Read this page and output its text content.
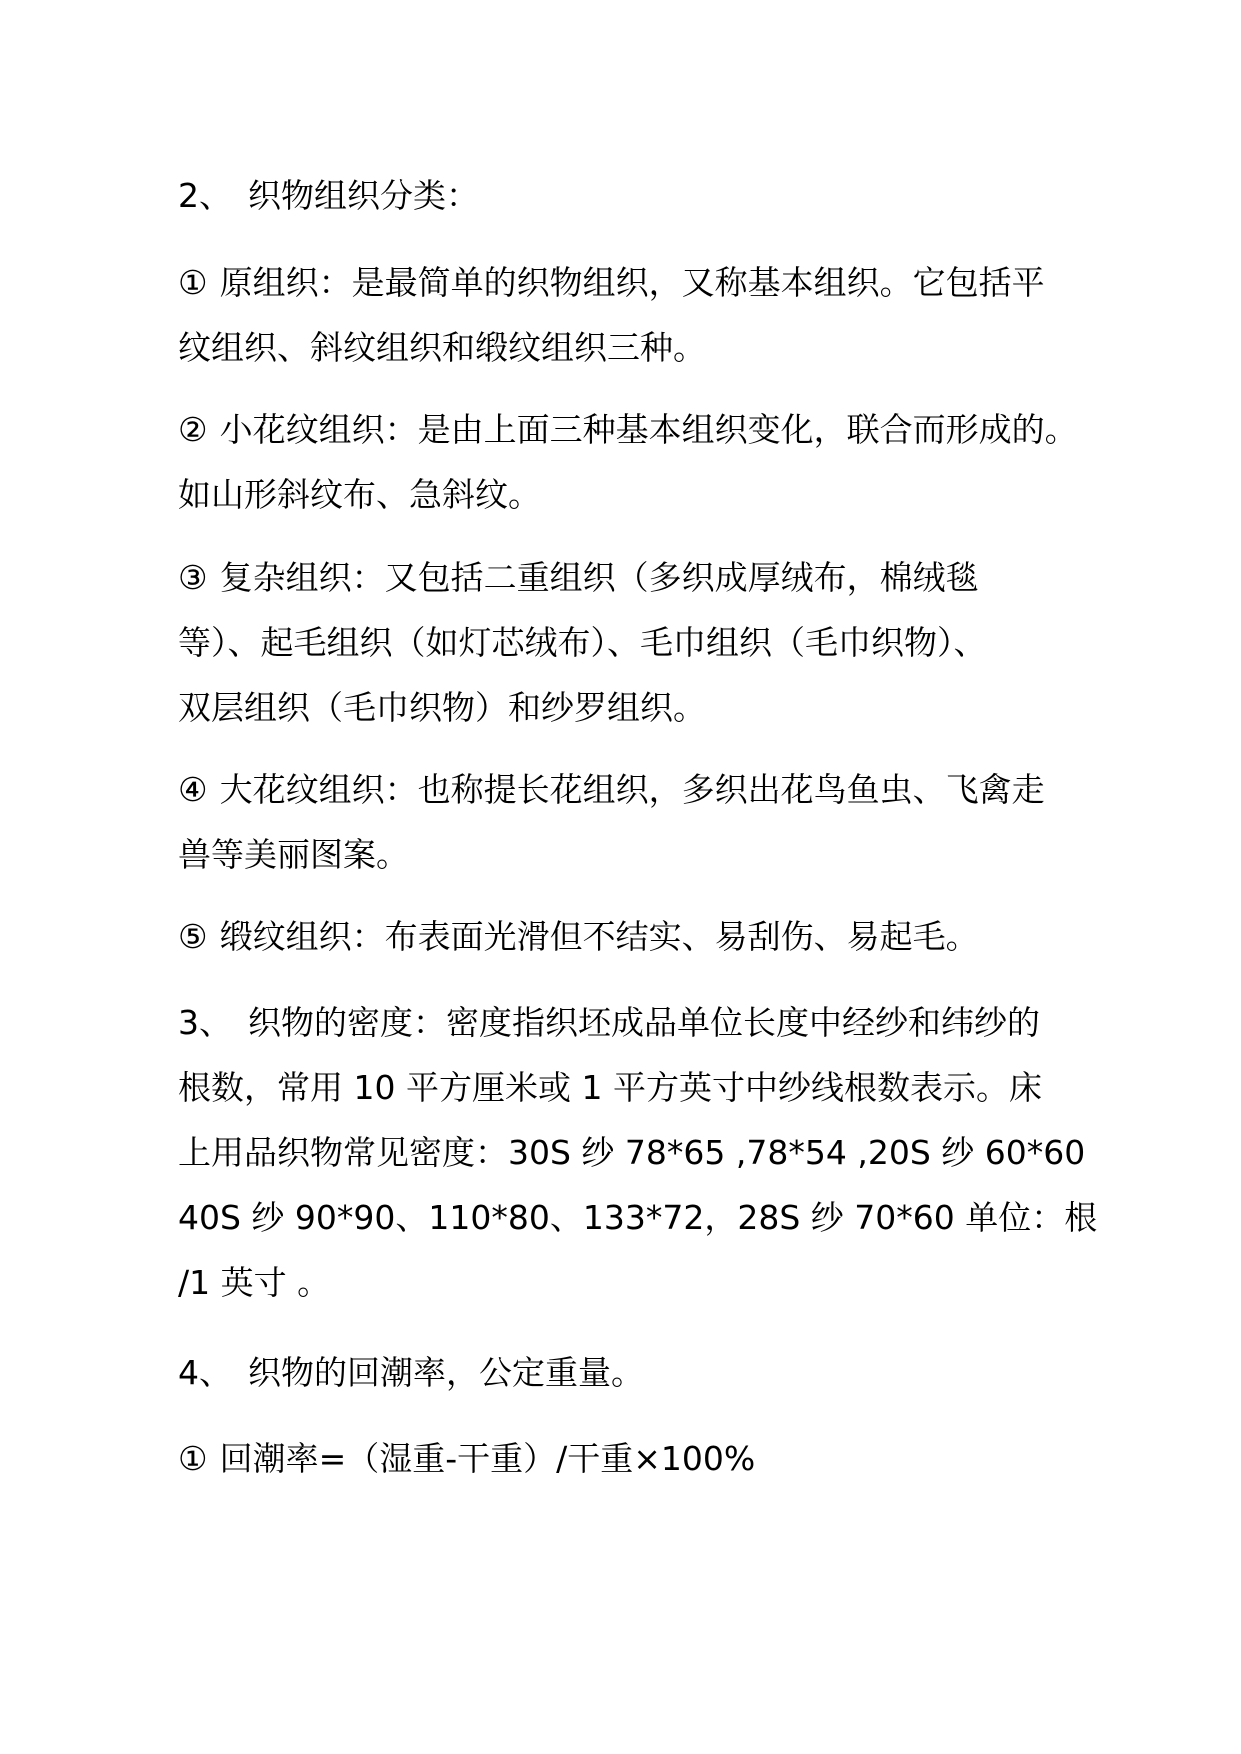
2、 织物组织分类：
① 原组织：是最简单的织物组织，又称基本组织。它包括平
纹组织、斜纹组织和缎纹组织三种。
② 小花纹组织：是由上面三种基本组织变化，联合而形成的。
如山形斜纹布、急斜纹。
③ 复杂组织：又包括二重组织（多织成厚绒布，棉绒毯
等）、起毛组织（如灯芯绒布）、毛巾组织（毛巾织物）、
双层组织（毛巾织物）和纱罗组织。
④ 大花纹组织：也称提长花组织，多织出花鸟鱼虫、飞禽走
兽等美丽图案。
⑤ 缎纹组织：布表面光滑但不结实、易刮伤、易起毛。
3、 织物的密度：密度指织坯成品单位长度中经纱和纬纱的
根数，常用 10 平方厘米或 1 平方英寸中纱线根数表示。床
上用品织物常见密度：30S 纱 78*65 ,78*54 ,20S 纱 60*60
40S 纱 90*90、110*80、133*72，28S 纱 70*60 单位：根
/1 英寸 。
4、 织物的回潮率，公定重量。
① 回潮率=（湿重-干重）/干重×100%
